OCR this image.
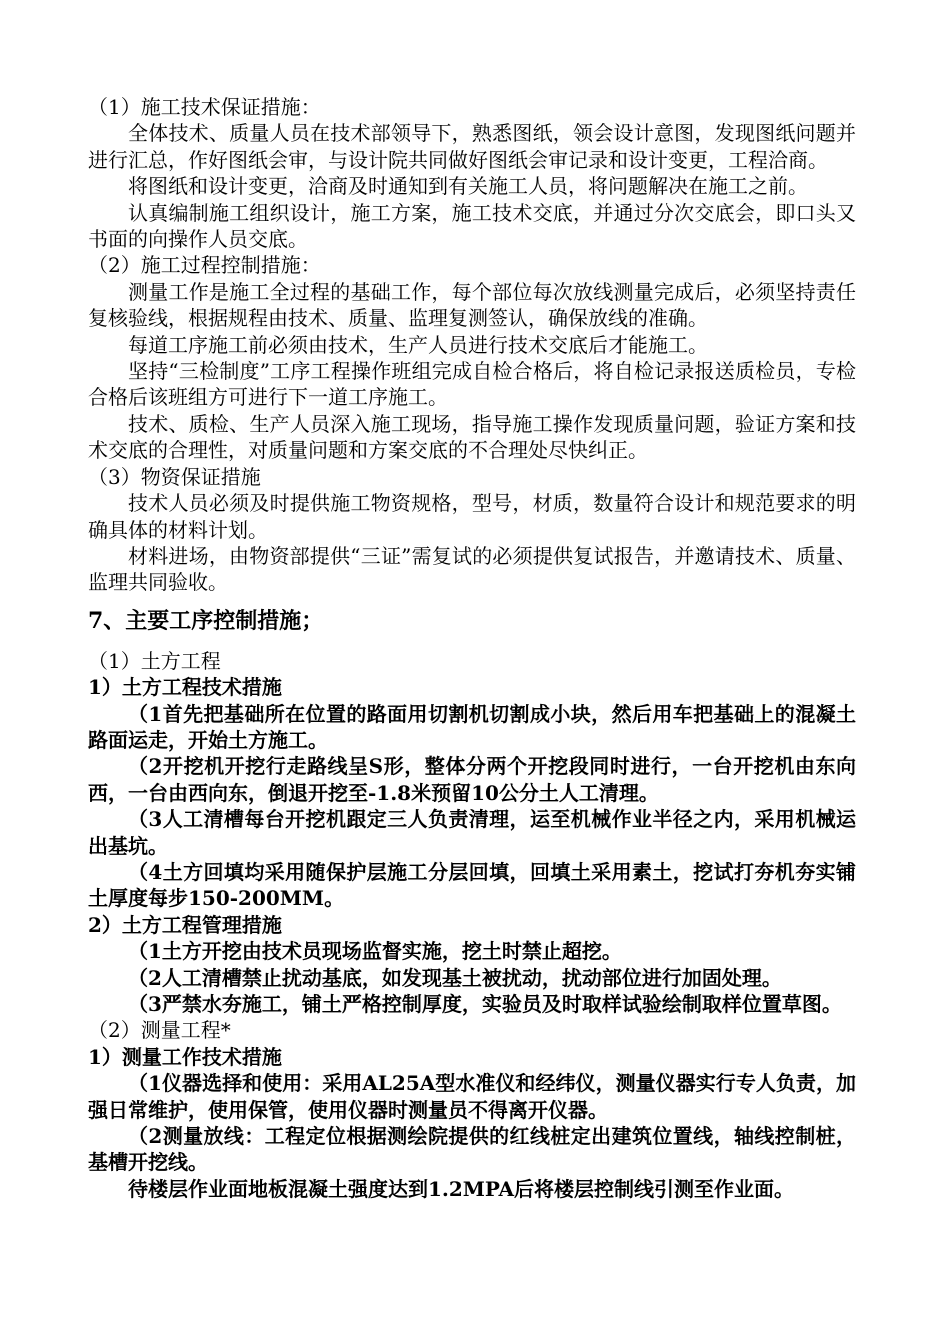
（1）施工技术保证措施：

全体技术、质量人员在技术部领导下，熟悉图纸，领会设计意图，发现图纸问题并进行汇总，作好图纸会审，与设计院共同做好图纸会审记录和设计变更，工程洽商。

将图纸和设计变更，洽商及时通知到有关施工人员，将问题解决在施工之前。

认真编制施工组织设计，施工方案，施工技术交底，并通过分次交底会，即口头又书面的向操作人员交底。

（2）施工过程控制措施：

测量工作是施工全过程的基础工作，每个部位每次放线测量完成后，必须坚持责任复核验线，根据规程由技术、质量、监理复测签认，确保放线的准确。

每道工序施工前必须由技术，生产人员进行技术交底后才能施工。

坚持“三检制度”工序工程操作班组完成自检合格后，将自检记录报送质检员，专检合格后该班组方可进行下一道工序施工。

技术、质检、生产人员深入施工现场，指导施工操作发现质量问题，验证方案和技术交底的合理性，对质量问题和方案交底的不合理处尽快纠正。

（3）物资保证措施

技术人员必须及时提供施工物资规格，型号，材质，数量符合设计和规范要求的明确具体的材料计划。

材料进场，由物资部提供“三证”需复试的必须提供复试报告，并邀请技术、质量、监理共同验收。

7、主要工序控制措施；

（1）土方工程

1）土方工程技术措施

（1首先把基础所在位置的路面用切割机切割成小块，然后用车把基础上的混凝土路面运走，开始土方施工。

（2开挖机开挖行走路线呈S形，整体分两个开挖段同时进行，一台开挖机由东向西，一台由西向东，倒退开挖至-1.8米预留10公分土人工清理。

（3人工清槽每台开挖机跟定三人负责清理，运至机械作业半径之内，采用机械运出基坑。

（4土方回填均采用随保护层施工分层回填，回填土采用素土，挖试打夯机夯实铺土厚度每步150-200MM。

2）土方工程管理措施

（1土方开挖由技术员现场监督实施，挖土时禁止超挖。

（2人工清槽禁止扰动基底，如发现基土被扰动，扰动部位进行加固处理。

（3严禁水夯施工，铺土严格控制厚度，实验员及时取样试验绘制取样位置草图。

（2）测量工程*

1）测量工作技术措施

（1仪器选择和使用：采用AL25A型水准仪和经纬仪，测量仪器实行专人负责，加强日常维护，使用保管，使用仪器时测量员不得离开仪器。

（2测量放线：工程定位根据测绘院提供的红线桩定出建筑位置线，轴线控制桩，基槽开挖线。

待楼层作业面地板混凝土强度达到1.2MPA后将楼层控制线引测至作业面。
